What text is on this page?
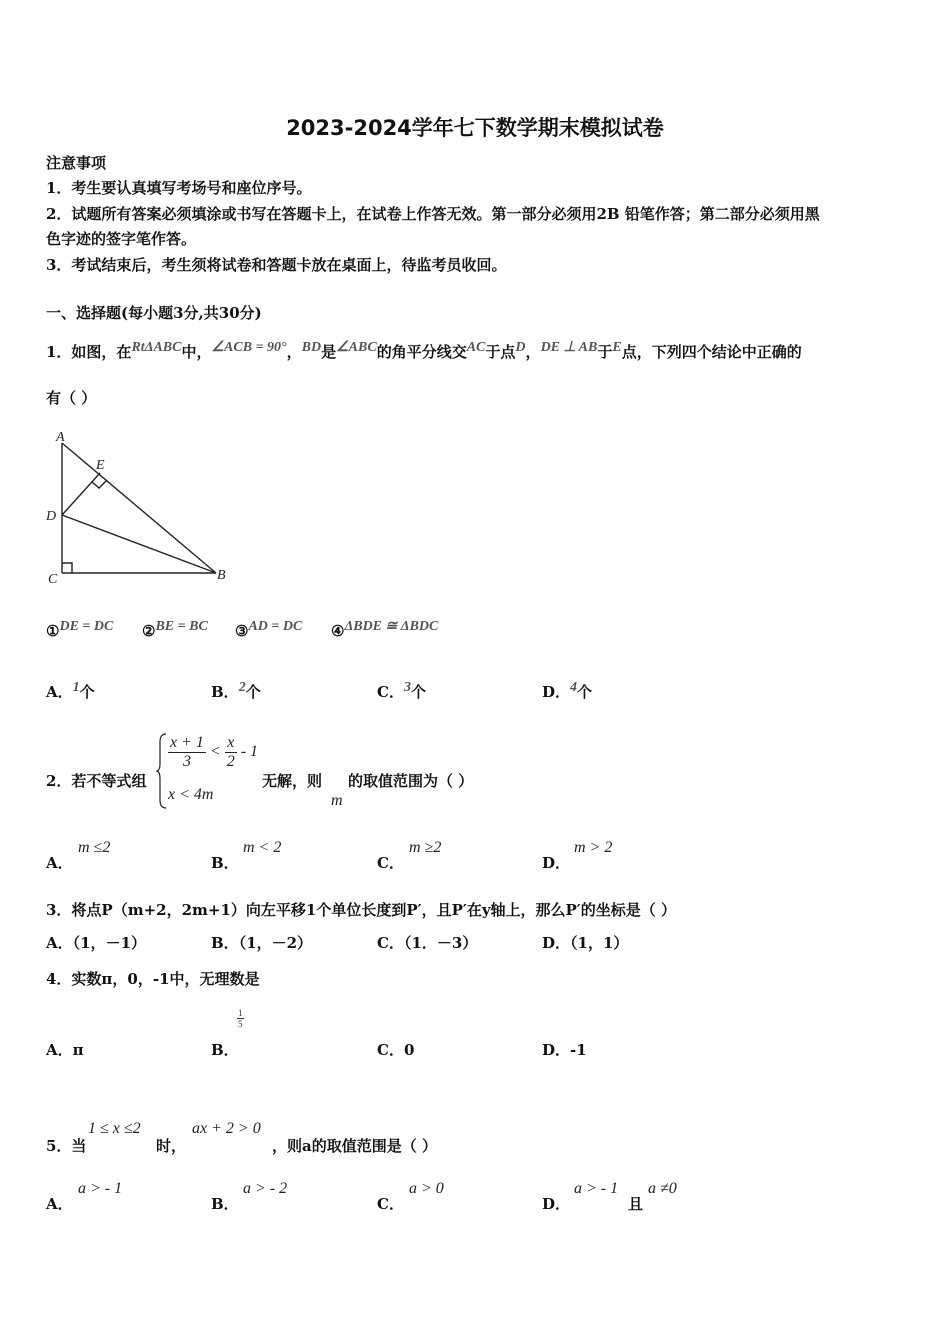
2023-2024学年七下数学期末模拟试卷
注意事项
1．考生要认真填写考场号和座位序号。
2．试题所有答案必须填涂或书写在答题卡上，在试卷上作答无效。第一部分必须用2B 铅笔作答；第二部分必须用黑
色字迹的签字笔作答。
3．考试结束后，考生须将试卷和答题卡放在桌面上，待监考员收回。
一、选择题(每小题3分,共30分)
1．如图，在$^{Rt\Delta ABC}$中，$^{\angle ACB = 90^\circ}$，$^{BD}$是$^{\angle ABC}$的角平分线交$^{AC}$于点$^D$，$^{DE \perp AB}$于$^E$点，下列四个结论中正确的
有（ ）
A
E
D
C	B
①$^{DE = DC}$ ②$^{BE = BC}$ ③$^{AD = DC}$ ④$^{\Delta BDE ≅ \Delta BDC}$
A．$^1$个	B．$^2$个	C．$^3$个	D．$^4$个
2．若不等式组
$\frac{x + 1}{3} < \frac{x}{2} - 1$
x < 4m
无解，则
m
的取值范围为（ ）
A．
m ≤2
B．
m < 2
C．
m ≥2
D．
m > 2
3．将点P（m+2，2m+1）向左平移1个单位长度到P′，且P′在y轴上，那么P′的坐标是（ ）
A．（1，－1）	B．（1，－2）	C．（1．－3）	D．（1，1）
4．实数π，0，-1中，无理数是
A．π	B．
$\frac{1}{5}$
C．0	D．-1
5．当
1 ≤ x ≤2
时，
ax + 2 > 0
，则a的取值范围是（ ）
A．
a > - 1
B．
a > - 2
C．
a > 0
D．
a > - 1
且
a ≠0
